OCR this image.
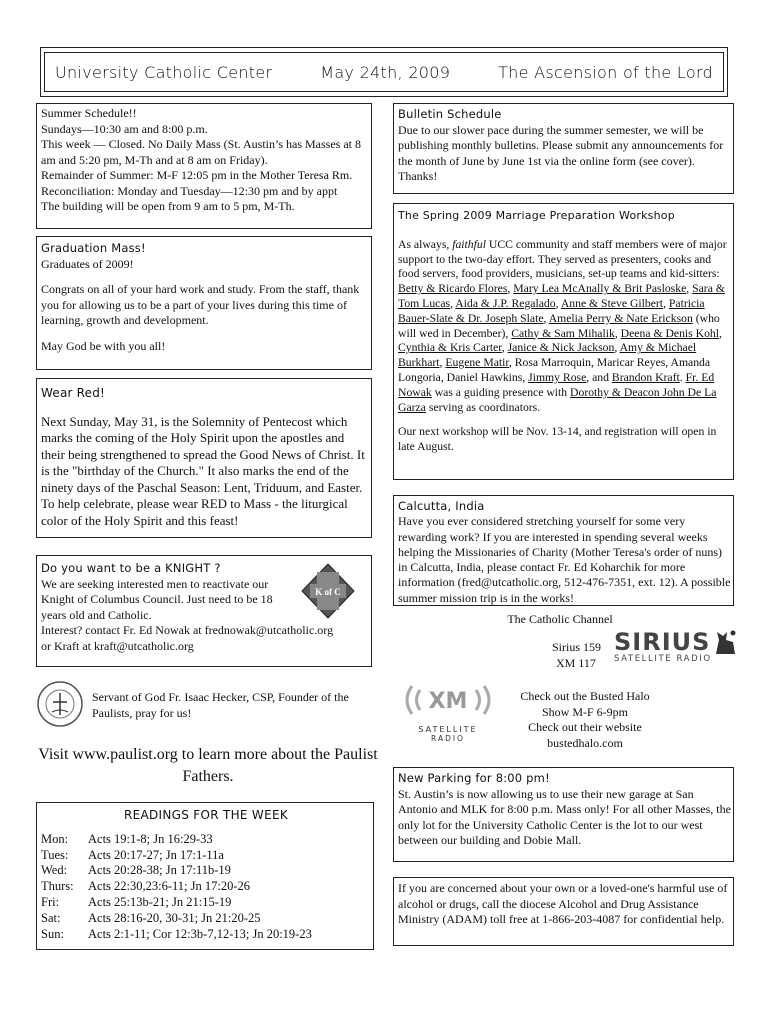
University Catholic Center	May 24th, 2009	The Ascension of the Lord

Summer Schedule!!

Sundays—10:30 am and 8:00 p.m.

This week — Closed. No Daily Mass (St. Austin’s has Masses at 8 am and 5:20 pm, M-Th and at 8 am on Friday).

Remainder of Summer: M-F 12:05 pm in the Mother Teresa Rm.

Reconciliation: Monday and Tuesday—12:30 pm and by appt

The building will be open from 9 am to 5 pm, M-Th.

Graduation Mass!

Graduates of 2009!

Congrats on all of your hard work and study. From the staff, thank you for allowing us to be a part of your lives during this time of learning, growth and development.

May God be with you all!

Wear Red!

Next Sunday, May 31, is the Solemnity of Pentecost which marks the coming of the Holy Spirit upon the apostles and their being strengthened to spread the Good News of Christ. It is the "birthday of the Church." It also marks the end of the ninety days of the Paschal Season: Lent, Triduum, and Easter. To help celebrate, please wear RED to Mass - the liturgical color of the Holy Spirit and this feast!

Do you want to be a KNIGHT ?

We are seeking interested men to reactivate our Knight of Columbus Council. Just need to be 18 years old and Catholic.

Interest? contact Fr. Ed Nowak at frednowak@utcatholic.org

or Kraft at kraft@utcatholic.org

K of C

Servant of God Fr. Isaac Hecker, CSP, Founder of the Paulists, pray for us!

Visit www.paulist.org to learn more about the Paulist Fathers.

READINGS FOR THE WEEK

Mon:	Acts 19:1-8; Jn 16:29-33
Tues:	Acts 20:17-27; Jn 17:1-11a
Wed:	Acts 20:28-38; Jn 17:11b-19
Thurs:	Acts 22:30,23:6-11; Jn 17:20-26
Fri:	Acts 25:13b-21; Jn 21:15-19
Sat:	Acts 28:16-20, 30-31; Jn 21:20-25
Sun:	Acts 2:1-11; Cor 12:3b-7,12-13; Jn 20:19-23

Bulletin Schedule

Due to our slower pace during the summer semester, we will be publishing monthly bulletins. Please submit any announcements for the month of June by June 1st via the online form (see cover). Thanks!

The Spring 2009 Marriage Preparation Workshop

As always, faithful UCC community and staff members were of major support to the two-day effort. They served as presenters, cooks and food servers, food providers, musicians, set-up teams and kid-sitters: Betty & Ricardo Flores, Mary Lea McAnally & Brit Pasloske, Sara & Tom Lucas, Aida & J.P. Regalado, Anne & Steve Gilbert, Patricia Bauer-Slate & Dr. Joseph Slate, Amelia Perry & Nate Erickson (who will wed in December), Cathy & Sam Mihalik, Deena & Denis Kohl, Cynthia & Kris Carter, Janice & Nick Jackson, Amy & Michael Burkhart, Eugene Matir, Rosa Marroquin, Maricar Reyes, Amanda Longoria, Daniel Hawkins, Jimmy Rose, and Brandon Kraft. Fr. Ed Nowak was a guiding presence with Dorothy & Deacon John De La Garza serving as coordinators.

Our next workshop will be Nov. 13-14, and registration will open in late August.

Calcutta, India

Have you ever considered stretching yourself for some very rewarding work? If you are interested in spending several weeks helping the Missionaries of Charity (Mother Teresa's order of nuns) in Calcutta, India, please contact Fr. Ed Koharchik for more information (fred@utcatholic.org, 512-476-7351, ext. 12). A possible summer mission trip is in the works!

The Catholic Channel
Sirius 159
XM 117
SIRIUS
SATELLITE RADIO
XM
SATELLITE
RADIO

Check out the Busted Halo

Show M-F 6-9pm

Check out their website

bustedhalo.com

New Parking for 8:00 pm!

St. Austin’s is now allowing us to use their new garage at San Antonio and MLK for 8:00 p.m. Mass only! For all other Masses, the only lot for the University Catholic Center is the lot to our west between our building and Dobie Mall.

If you are concerned about your own or a loved-one's harmful use of alcohol or drugs, call the diocese Alcohol and Drug Assistance Ministry (ADAM) toll free at 1-866-203-4087 for confidential help.
